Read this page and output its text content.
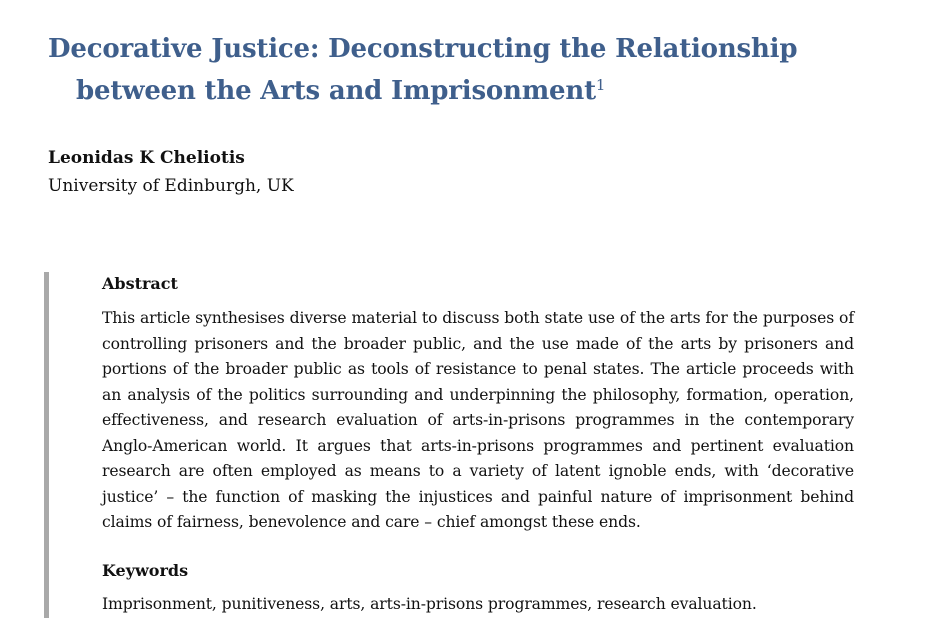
Decorative Justice: Deconstructing the Relationship
between the Arts and Imprisonment$^1$
Leonidas K Cheliotis
University of Edinburgh, UK
Abstract

This article synthesises diverse material to discuss both state use of the arts for the purposes of controlling prisoners and the broader public, and the use made of the arts by prisoners and portions of the broader public as tools of resistance to penal states. The article proceeds with an analysis of the politics surrounding and underpinning the philosophy, formation, operation, effectiveness, and research evaluation of arts-in-prisons programmes in the contemporary Anglo-American world. It argues that arts-in-prisons programmes and pertinent evaluation research are often employed as means to a variety of latent ignoble ends, with ‘decorative justice’ – the function of masking the injustices and painful nature of imprisonment behind claims of fairness, benevolence and care – chief amongst these ends.

Keywords

Imprisonment, punitiveness, arts, arts-in-prisons programmes, research evaluation.
